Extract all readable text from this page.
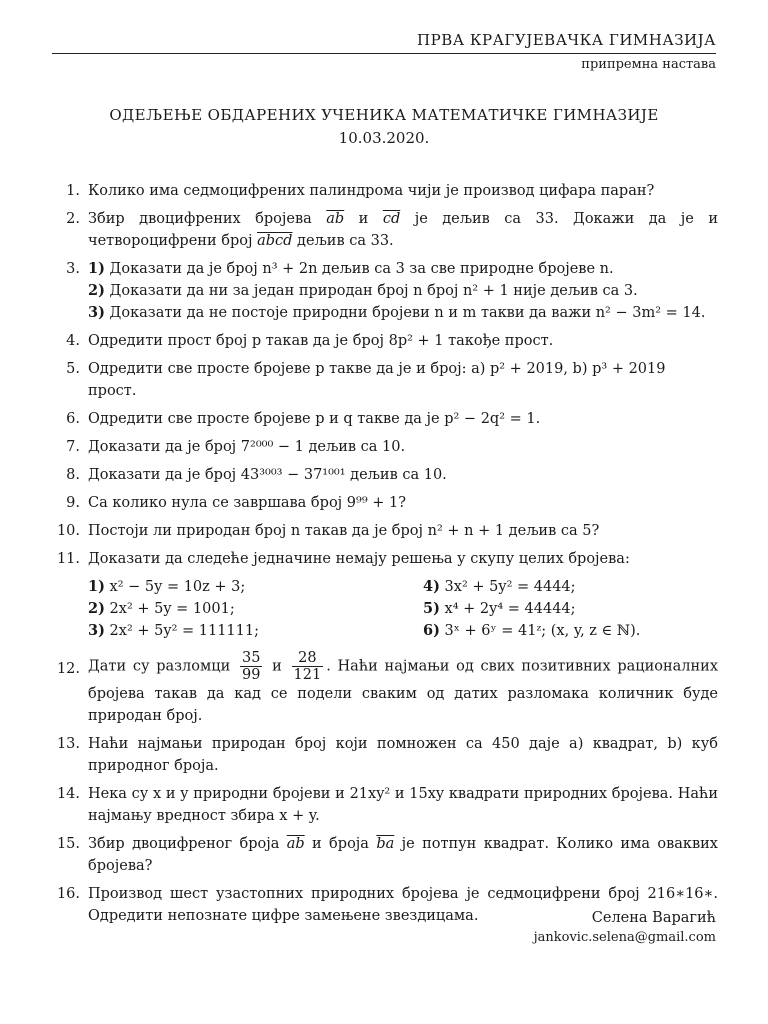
ПРВА КРАГУЈЕВАЧКА ГИМНАЗИЈА
припремна настава
ОДЕЉЕЊЕ ОБДАРЕНИХ УЧЕНИКА МАТЕМАТИЧКЕ ГИМНАЗИЈЕ
10.03.2020.
1. Колико има седмоцифрених палиндрома чији је производ цифара паран?
2. Збир двоцифрених бројева $\overline{ab}$ и $\overline{cd}$ је дељив са 33. Докажи да је и четвороцифрени број abcd дељив са 33.
3. 1) Доказати да је број n³ + 2n дељив са 3 за све природне бројеве n.
2) Доказати да ни за један природан број n број n² + 1 није дељив са 3.
3) Доказати да не постоје природни бројеви n и m такви да важи n² − 3m² = 14.
4. Одредити прост број p такав да је број 8p² + 1 такође прост.
5. Одредити све просте бројеве p такве да је и број: a) p² + 2019, b) p³ + 2019 прост.
6. Одредити све просте бројеве p и q такве да је p² − 2q² = 1.
7. Доказати да је број 7²⁰⁰⁰ − 1 дељив са 10.
8. Доказати да је број 43³⁰⁰³ − 37¹⁰⁰¹ дељив са 10.
9. Са колико нула се завршава број 9⁹⁹ + 1?
10. Постоји ли природан број n такав да је број n² + n + 1 дељив са 5?
11. Доказати да следеће једначине немају решења у скупу целих бројева:
1) x² − 5y = 10z + 3;	4) 3x² + 5y² = 4444;
2) 2x² + 5y = 1001;	5) x⁴ + 2y⁴ = 44444;
3) 2x² + 5y² = 111111;	6) 3ˣ + 6ʸ = 41ᶻ; (x, y, z ∈ ℕ).
12. Дати су разломци $\frac{35}{99}$ и $\frac{28}{121}$ . Наћи најмањи од свих позитивних рационалних бројева такав да кад се подели сваким од датих разломака количник буде природан број.
13. Наћи најмањи природан број који помножен са 450 даје a) квадрат, b) куб природног броја.
14. Нека су x и y природни бројеви и 21xy² и 15xy квадрати природних бројева. Наћи најмању вредност збира x + y.
15. Збир двоцифреног броја $\overline{ab}$ и броја $\overline{ba}$ је потпун квадрат. Колико има оваквих бројева?
16. Производ шест узастопних природних бројева је седмоцифрени број 216∗16∗. Одредити непознате цифре замењене звездицама.	Селена Варагић
jankovic.selena@gmail.com
